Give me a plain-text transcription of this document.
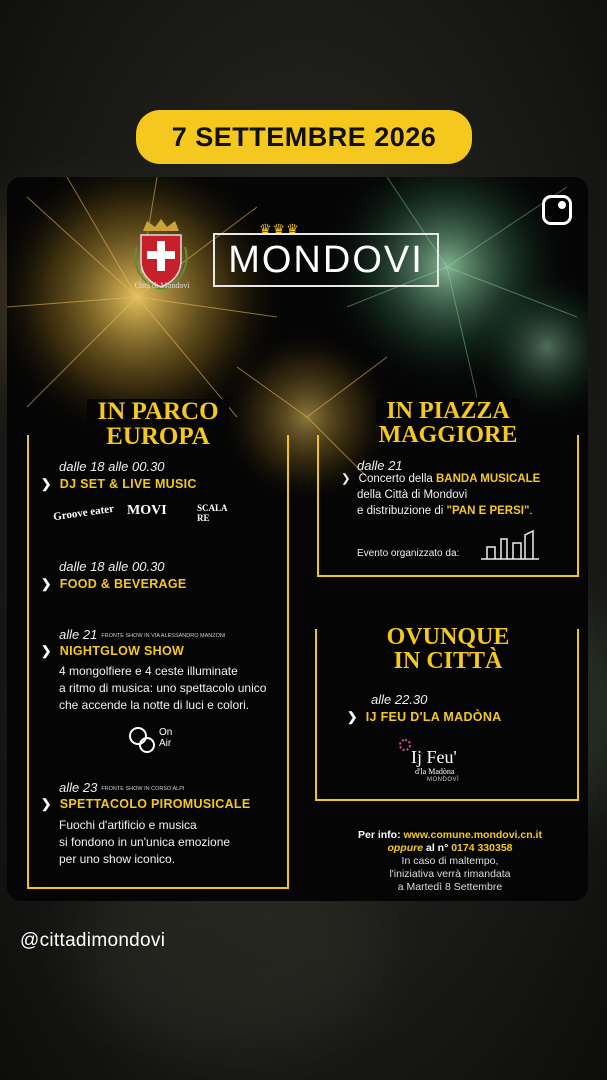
7 SETTEMBRE 2026
Città di Mondovì
♛♛♛
MONDOVI
IN PARCO
EUROPA
dalle 18 alle 00.30
❯ DJ SET & LIVE MUSIC
Groove eater MOVI	SCALA RE
dalle 18 alle 00.30
❯ FOOD & BEVERAGE
alle 21 FRONTE SHOW IN VIA ALESSANDRO MANZONI
❯ NIGHTGLOW SHOW
4 mongolfiere e 4 ceste illuminate
a ritmo di musica: uno spettacolo unico
che accende la notte di luci e colori.
On
Air
alle 23 FRONTE SHOW IN CORSO ALPI
❯ SPETTACOLO PIROMUSICALE
Fuochi d'artificio e musica
si fondono in un'unica emozione
per uno show iconico.
IN PIAZZA
MAGGIORE
dalle 21
❯ Concerto della BANDA MUSICALE
della Città di Mondovì
e distribuzione di "PAN E PERSI".
Evento organizzato da:
OVUNQUE
IN CITTÀ
alle 22.30
❯ IJ FEU D'LA MADÒNA
Ij Feu'
d'la Madòna
MONDOVÌ
Per info: www.comune.mondovi.cn.it
oppure al n° 0174 330358
In caso di maltempo,
l'iniziativa verrà rimandata
a Martedì 8 Settembre
@cittadimondovi
